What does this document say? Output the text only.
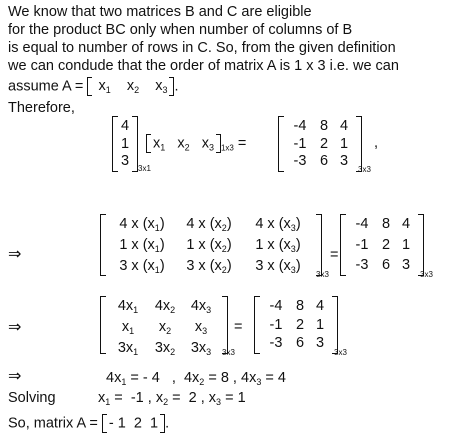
We know that two matrices B and C are eligible
for the product BC only when number of columns of B
is equal to number of rows in C. So, from the given definition
we can condude that the order of matrix A is 1 x 3 i.e. we can
assume $A = x_1$ $x_2$ $x_3$ .
Therefore,
4
1
3 3x1
$x_1$ $x_2$ $x_3$ $_{1x3}$ =
-4 8 4
-1 2 1
-3 6 3
3x3
,
⇒
4 x $(x_1)$	4 x $(x_2)$	4 x $(x_3)$
1 x $(x_1)$	1 x $(x_2)$	1 x $(x_3)$
3 x $(x_1)$	3 x $(x_2)$	3 x $(x_3)$
3x3
=
-4 8 4
-1 2 1
-3 6 3
3x3
⇒
$4x_1$	$4x_2$	$4x_3$
$x_1$	$x_2$	$x_3$
$3x_1$	$3x_2$	$3x_3$	3x3
=
-4 8 4
-1 2 1
-3 6 3
3x3
⇒	$4x_1$ = - 4   ,  $4x_2 = 8$ , $4x_3 = 4$
Solving	$x_1 = -1$ , $x_2 = 2$ , $x_3 = 1$
So, matrix A = - 1 2 1 .
